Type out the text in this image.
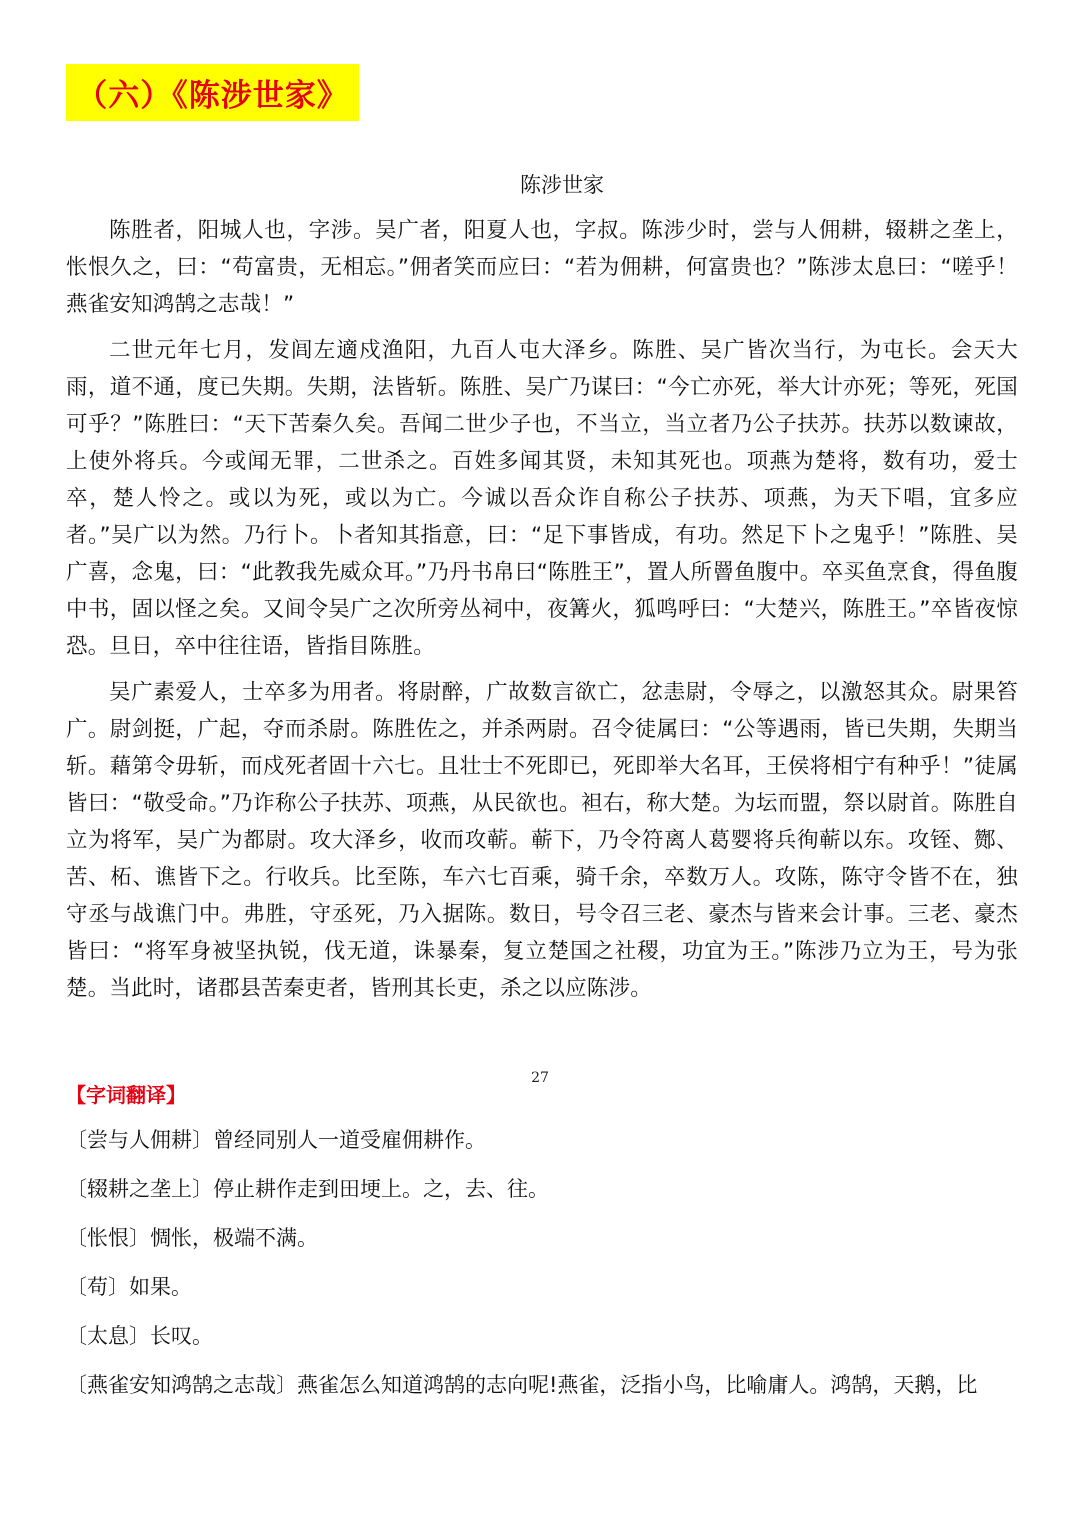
（六）《陈涉世家》
陈涉世家

陈胜者，阳城人也，字涉。吴广者，阳夏人也，字叔。陈涉少时，尝与人佣耕，辍耕之垄上，怅恨久之，曰：“苟富贵，无相忘。”佣者笑而应曰：“若为佣耕，何富贵也？”陈涉太息曰：“嗟乎！燕雀安知鸿鹄之志哉！”

二世元年七月，发闾左適戍渔阳，九百人屯大泽乡。陈胜、吴广皆次当行，为屯长。会天大雨，道不通，度已失期。失期，法皆斩。陈胜、吴广乃谋曰：“今亡亦死，举大计亦死；等死，死国可乎？”陈胜曰：“天下苦秦久矣。吾闻二世少子也，不当立，当立者乃公子扶苏。扶苏以数谏故，上使外将兵。今或闻无罪，二世杀之。百姓多闻其贤，未知其死也。项燕为楚将，数有功，爱士卒，楚人怜之。或以为死，或以为亡。今诚以吾众诈自称公子扶苏、项燕，为天下唱，宜多应者。”吴广以为然。乃行卜。卜者知其指意，曰：“足下事皆成，有功。然足下卜之鬼乎！”陈胜、吴广喜，念鬼，曰：“此教我先威众耳。”乃丹书帛曰“陈胜王”，置人所罾鱼腹中。卒买鱼烹食，得鱼腹中书，固以怪之矣。又间令吴广之次所旁丛祠中，夜篝火，狐鸣呼曰：“大楚兴，陈胜王。”卒皆夜惊恐。旦日，卒中往往语，皆指目陈胜。

吴广素爱人，士卒多为用者。将尉醉，广故数言欲亡，忿恚尉，令辱之，以激怒其众。尉果笞广。尉剑挺，广起，夺而杀尉。陈胜佐之，并杀两尉。召令徒属曰：“公等遇雨，皆已失期，失期当斩。藉第令毋斩，而戍死者固十六七。且壮士不死即已，死即举大名耳，王侯将相宁有种乎！”徒属皆曰：“敬受命。”乃诈称公子扶苏、项燕，从民欲也。袒右，称大楚。为坛而盟，祭以尉首。陈胜自立为将军，吴广为都尉。攻大泽乡，收而攻蕲。蕲下，乃令符离人葛婴将兵徇蕲以东。攻铚、酂、苦、柘、谯皆下之。行收兵。比至陈，车六七百乘，骑千余，卒数万人。攻陈，陈守令皆不在，独守丞与战谯门中。弗胜，守丞死，乃入据陈。数日，号令召三老、豪杰与皆来会计事。三老、豪杰皆曰：“将军身被坚执锐，伐无道，诛暴秦，复立楚国之社稷，功宜为王。”陈涉乃立为王，号为张楚。当此时，诸郡县苦秦吏者，皆刑其长吏，杀之以应陈涉。

【字词翻译】
〔尝与人佣耕〕曾经同别人一道受雇佣耕作。
〔辍耕之垄上〕停止耕作走到田埂上。之，去、往。
〔怅恨〕惆怅，极端不满。
〔苟〕如果。
〔太息〕长叹。
〔燕雀安知鸿鹄之志哉〕燕雀怎么知道鸿鹄的志向呢!燕雀，泛指小鸟，比喻庸人。鸿鹄，天鹅，比
27
